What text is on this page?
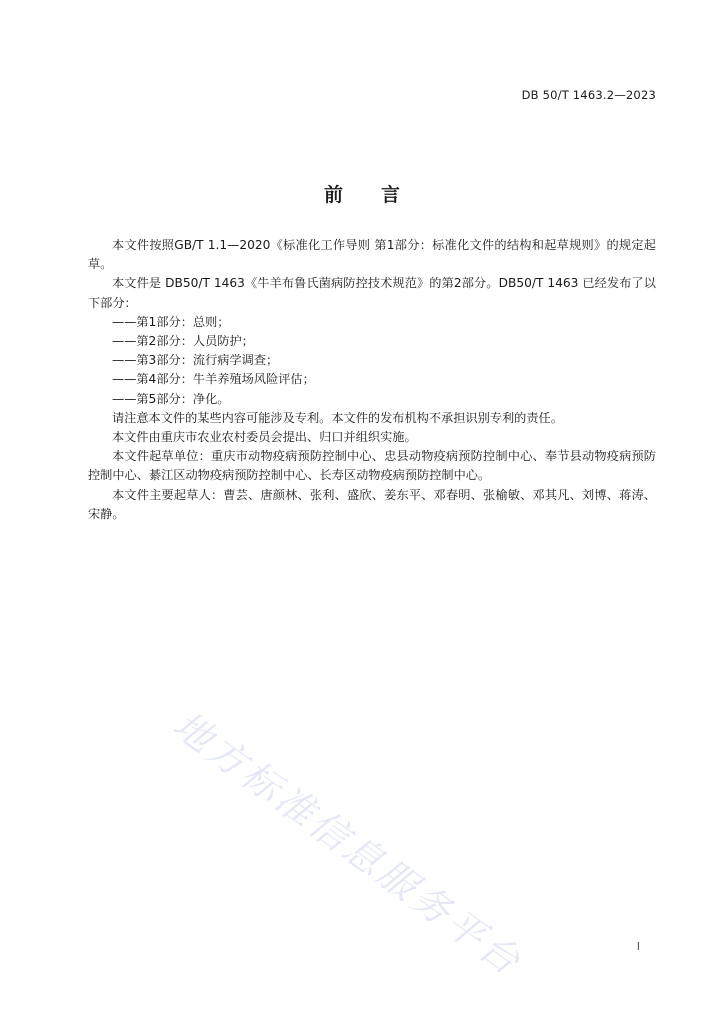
DB 50/T 1463.2—2023
前言

本文件按照GB/T 1.1—2020《标准化工作导则 第1部分：标准化文件的结构和起草规则》的规定起草。

本文件是 DB50/T 1463《牛羊布鲁氏菌病防控技术规范》的第2部分。DB50/T 1463 已经发布了以下部分：

——第1部分：总则；

——第2部分：人员防护；

——第3部分：流行病学调查；

——第4部分：牛羊养殖场风险评估；

——第5部分：净化。

请注意本文件的某些内容可能涉及专利。本文件的发布机构不承担识别专利的责任。

本文件由重庆市农业农村委员会提出、归口并组织实施。

本文件起草单位：重庆市动物疫病预防控制中心、忠县动物疫病预防控制中心、奉节县动物疫病预防控制中心、綦江区动物疫病预防控制中心、长寿区动物疫病预防控制中心。

本文件主要起草人：曹芸、唐颜林、张利、盛欣、姜东平、邓春明、张榆敏、邓其凡、刘博、蒋涛、宋静。

地方标准信息服务平台	I
